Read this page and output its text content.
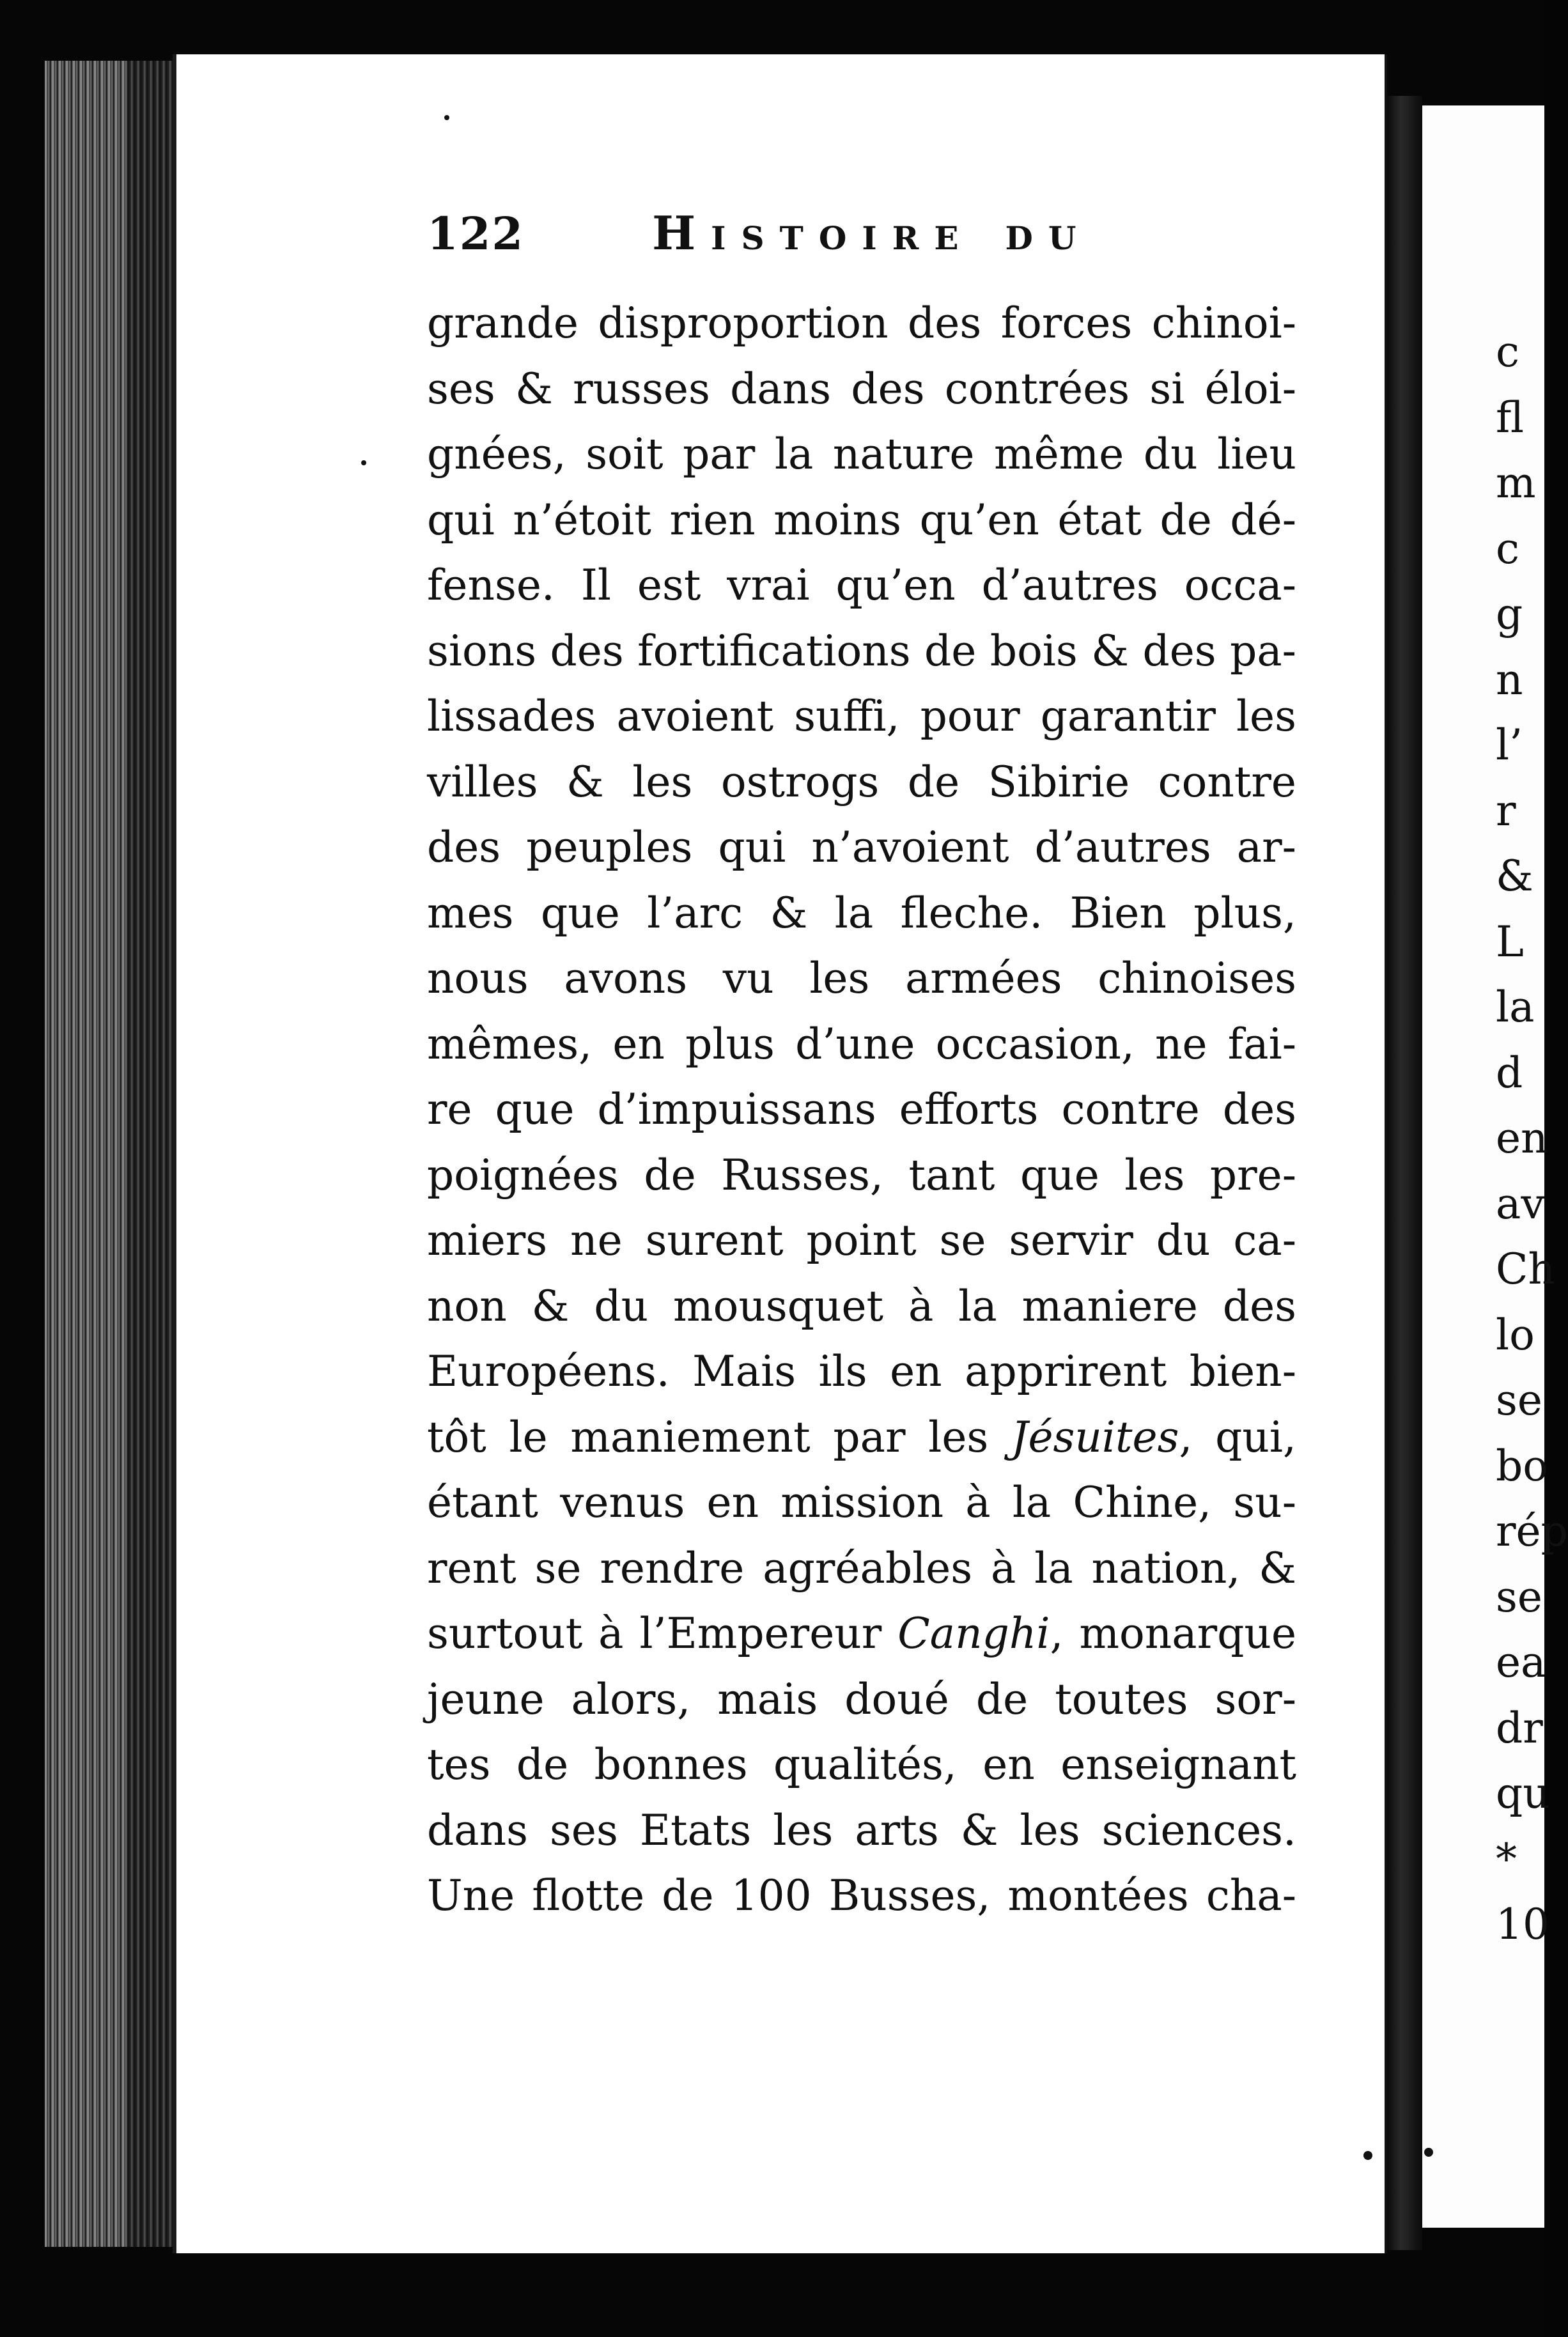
122	Histoire du
grande disproportion des forces chinoi-
ses & russes dans des contrées si éloi-
gnées, soit par la nature même du lieu
qui n’étoit rien moins qu’en état de dé-
fense. Il est vrai qu’en d’autres occa-
sions des fortifications de bois & des pa-
lissades avoient suffi, pour garantir les
villes & les ostrogs de Sibirie contre
des peuples qui n’avoient d’autres ar-
mes que l’arc & la fleche. Bien plus,
nous avons vu les armées chinoises
mêmes, en plus d’une occasion, ne fai-
re que d’impuissans efforts contre des
poignées de Russes, tant que les pre-
miers ne surent point se servir du ca-
non & du mousquet à la maniere des
Européens. Mais ils en apprirent bien-
tôt le maniement par les Jésuites, qui,
étant venus en mission à la Chine, su-
rent se rendre agréables à la nation, &
surtout à l’Empereur Canghi, monarque
jeune alors, mais doué de toutes sor-
tes de bonnes qualités, en enseignant
dans ses Etats les arts & les sciences.
Une flotte de 100 Busses, montées cha-
c
fl
m
c
g
n
l’
r
&
L
la
d
en
av
Ch
lo
se
bo
rép
se
ea
dr
qu
*
10
